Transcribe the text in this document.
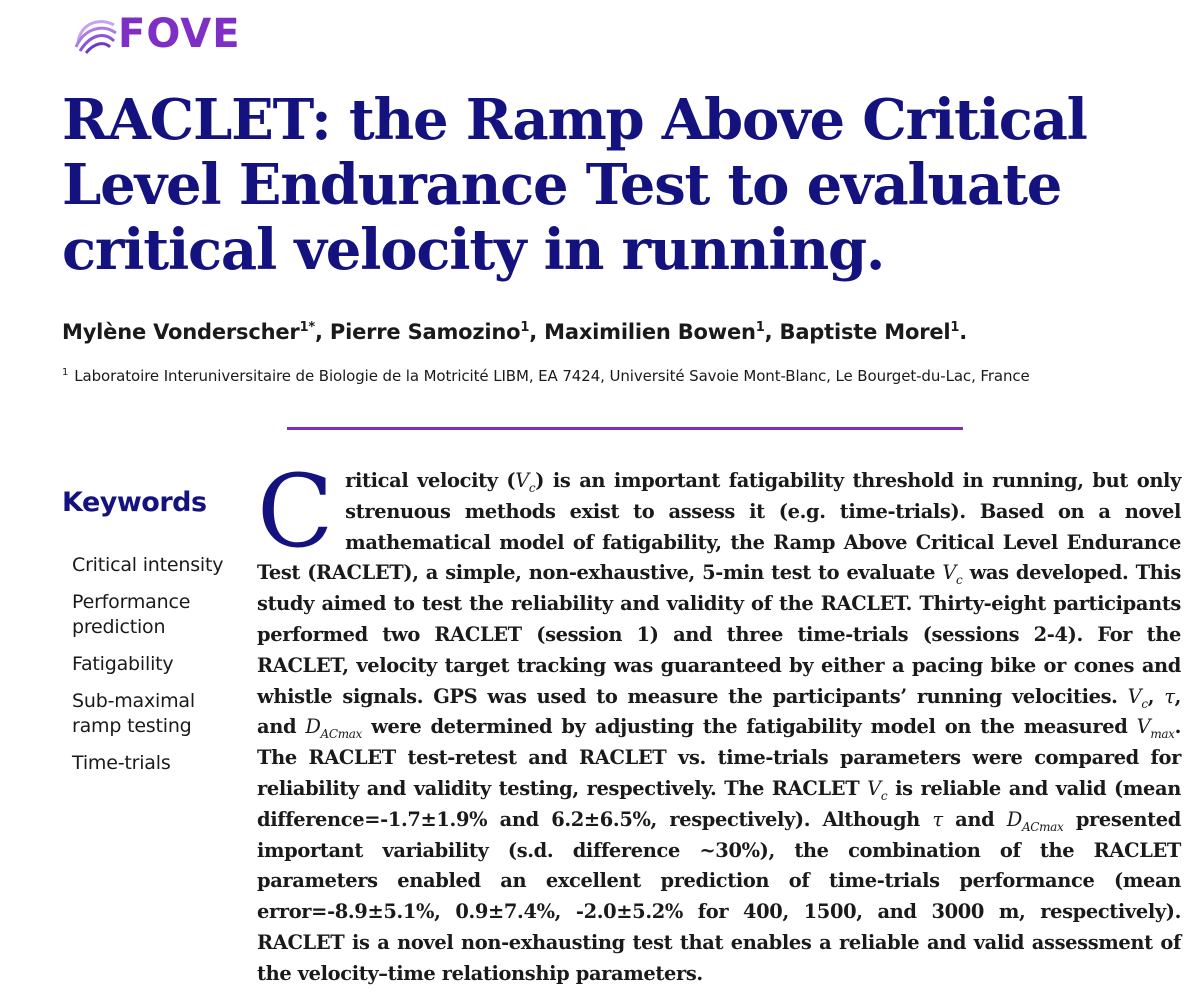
FOVE
RACLET: the Ramp Above Critical Level Endurance Test to evaluate critical velocity in running.

Mylène Vonderscher$^{1*}$, Pierre Samozino$^1$, Maximilien Bowen$^1$, Baptiste Morel$^1$.

$^1$ Laboratoire Interuniversitaire de Biologie de la Motricité LIBM, EA 7424, Université Savoie Mont-Blanc, Le Bourget-du-Lac, France

Keywords
Critical intensity
Performance prediction
Fatigability
Sub-maximal ramp testing
Time-trials

Critical velocity $(V_c)$ is an important fatigability threshold in running, but only strenuous methods exist to assess it (e.g. time-trials). Based on a novel mathematical model of fatigability, the Ramp Above Critical Level Endurance Test (RACLET), a simple, non-exhaustive, 5-min test to evaluate $V_c$ was developed. This study aimed to test the reliability and validity of the RACLET. Thirty-eight participants performed two RACLET (session 1) and three time-trials (sessions 2-4). For the RACLET, velocity target tracking was guaranteed by either a pacing bike or cones and whistle signals. GPS was used to measure the participants’ running velocities. $V_c$, τ, and $D_{ACmax}$ were determined by adjusting the fatigability model on the measured $V_{max}$. The RACLET test-retest and RACLET vs. time-trials parameters were compared for reliability and validity testing, respectively. The RACLET $V_c$ is reliable and valid (mean difference=-1.7±1.9% and 6.2±6.5%, respectively). Although τ and $D_{ACmax}$ presented important variability (s.d. difference ~30%), the combination of the RACLET parameters enabled an excellent prediction of time-trials performance (mean error=-8.9±5.1%, 0.9±7.4%, -2.0±5.2% for 400, 1500, and 3000 m, respectively). RACLET is a novel non-exhausting test that enables a reliable and valid assessment of the velocity–time relationship parameters.
